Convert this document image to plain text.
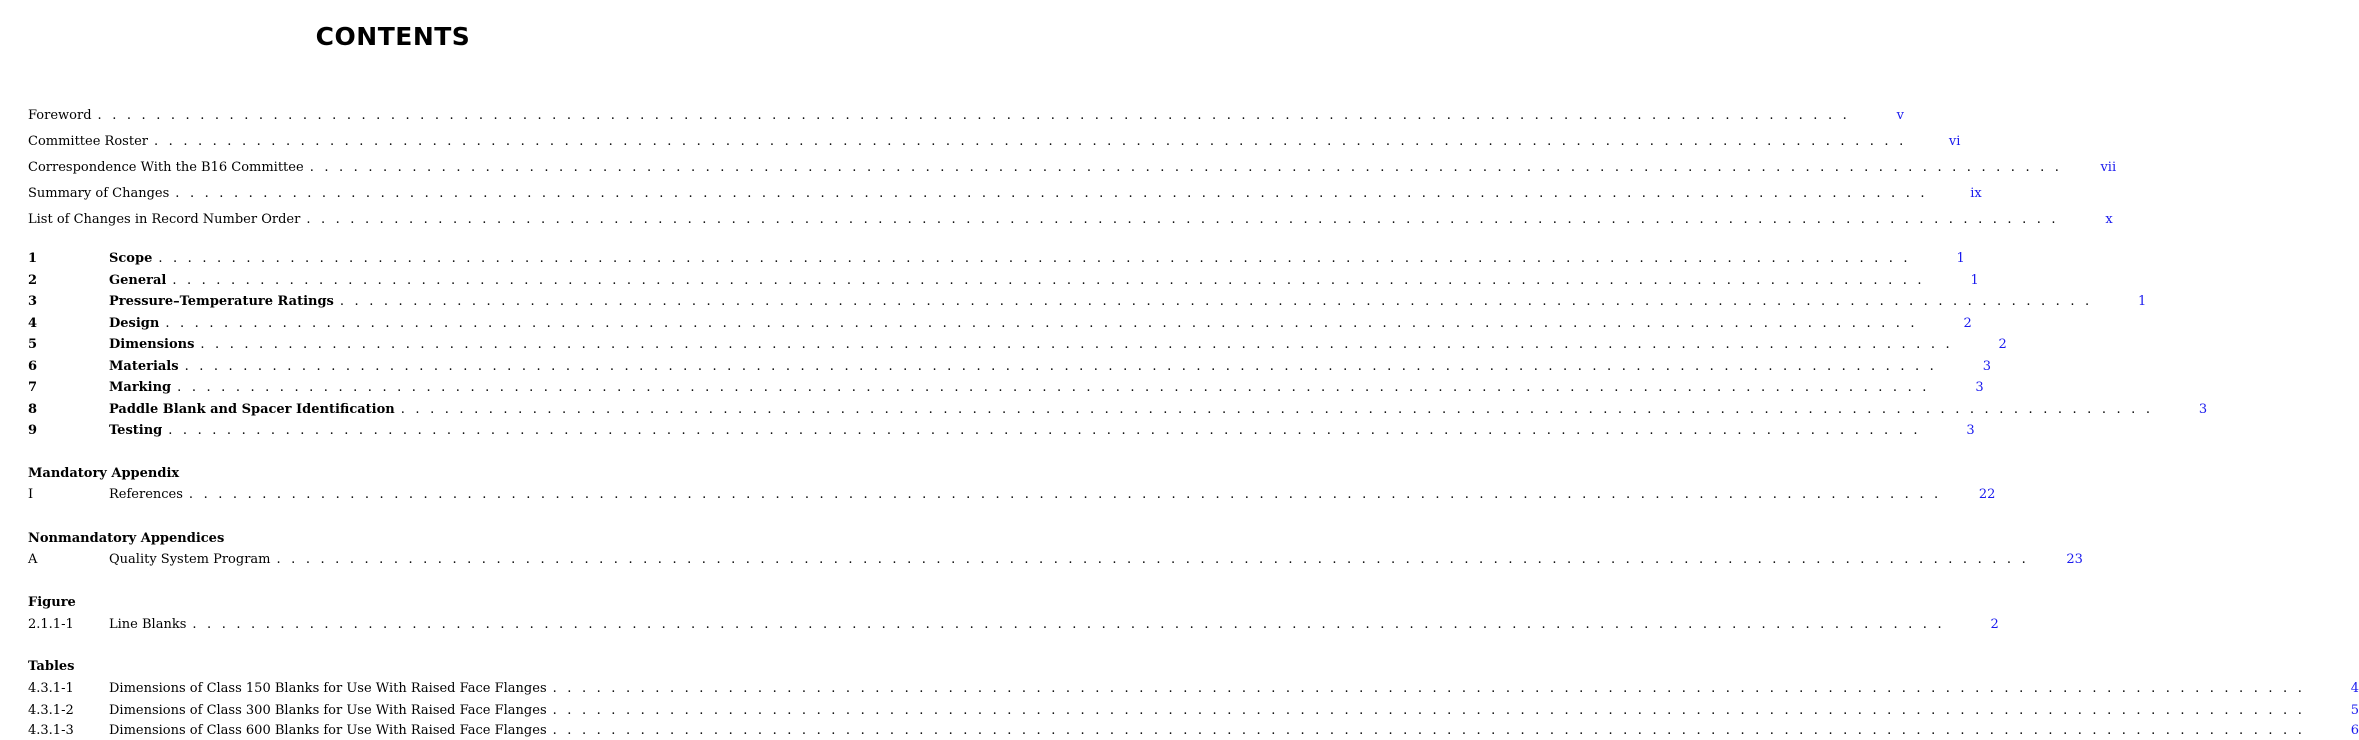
CONTENTS
Foreword . . . . . . . . . . . . . . . . . . . . . . . . . . . . . . . . . . . . . . . . . . . . . . . . . . . . . . . . . . . . . . . . . . . . . . . . . . . . . . . . . . . . . . . . . . . . . . . . . . . . . . . . . . . . . . . . . . . . . . . .	v
Committee Roster . . . . . . . . . . . . . . . . . . . . . . . . . . . . . . . . . . . . . . . . . . . . . . . . . . . . . . . . . . . . . . . . . . . . . . . . . . . . . . . . . . . . . . . . . . . . . . . . . . . . . . . . . . . . . . . . . . . . . . . .	vi
Correspondence With the B16 Committee . . . . . . . . . . . . . . . . . . . . . . . . . . . . . . . . . . . . . . . . . . . . . . . . . . . . . . . . . . . . . . . . . . . . . . . . . . . . . . . . . . . . . . . . . . . . . . . . . . . . . . . . . . . . . . . . . . . . . . . .	vii
Summary of Changes . . . . . . . . . . . . . . . . . . . . . . . . . . . . . . . . . . . . . . . . . . . . . . . . . . . . . . . . . . . . . . . . . . . . . . . . . . . . . . . . . . . . . . . . . . . . . . . . . . . . . . . . . . . . . . . . . . . . . . . .	ix
List of Changes in Record Number Order . . . . . . . . . . . . . . . . . . . . . . . . . . . . . . . . . . . . . . . . . . . . . . . . . . . . . . . . . . . . . . . . . . . . . . . . . . . . . . . . . . . . . . . . . . . . . . . . . . . . . . . . . . . . . . . . . . . . . . . .	x
1	Scope . . . . . . . . . . . . . . . . . . . . . . . . . . . . . . . . . . . . . . . . . . . . . . . . . . . . . . . . . . . . . . . . . . . . . . . . . . . . . . . . . . . . . . . . . . . . . . . . . . . . . . . . . . . . . . . . . . . . . . . .	1
2	General . . . . . . . . . . . . . . . . . . . . . . . . . . . . . . . . . . . . . . . . . . . . . . . . . . . . . . . . . . . . . . . . . . . . . . . . . . . . . . . . . . . . . . . . . . . . . . . . . . . . . . . . . . . . . . . . . . . . . . . .	1
3	Pressure–Temperature Ratings . . . . . . . . . . . . . . . . . . . . . . . . . . . . . . . . . . . . . . . . . . . . . . . . . . . . . . . . . . . . . . . . . . . . . . . . . . . . . . . . . . . . . . . . . . . . . . . . . . . . . . . . . . . . . . . . . . . . . . . .	1
4	Design . . . . . . . . . . . . . . . . . . . . . . . . . . . . . . . . . . . . . . . . . . . . . . . . . . . . . . . . . . . . . . . . . . . . . . . . . . . . . . . . . . . . . . . . . . . . . . . . . . . . . . . . . . . . . . . . . . . . . . . .	2
5	Dimensions . . . . . . . . . . . . . . . . . . . . . . . . . . . . . . . . . . . . . . . . . . . . . . . . . . . . . . . . . . . . . . . . . . . . . . . . . . . . . . . . . . . . . . . . . . . . . . . . . . . . . . . . . . . . . . . . . . . . . . . .	2
6	Materials . . . . . . . . . . . . . . . . . . . . . . . . . . . . . . . . . . . . . . . . . . . . . . . . . . . . . . . . . . . . . . . . . . . . . . . . . . . . . . . . . . . . . . . . . . . . . . . . . . . . . . . . . . . . . . . . . . . . . . . .	3
7	Marking . . . . . . . . . . . . . . . . . . . . . . . . . . . . . . . . . . . . . . . . . . . . . . . . . . . . . . . . . . . . . . . . . . . . . . . . . . . . . . . . . . . . . . . . . . . . . . . . . . . . . . . . . . . . . . . . . . . . . . . .	3
8	Paddle Blank and Spacer Identification . . . . . . . . . . . . . . . . . . . . . . . . . . . . . . . . . . . . . . . . . . . . . . . . . . . . . . . . . . . . . . . . . . . . . . . . . . . . . . . . . . . . . . . . . . . . . . . . . . . . . . . . . . . . . . . . . . . . . . . .	3
9	Testing . . . . . . . . . . . . . . . . . . . . . . . . . . . . . . . . . . . . . . . . . . . . . . . . . . . . . . . . . . . . . . . . . . . . . . . . . . . . . . . . . . . . . . . . . . . . . . . . . . . . . . . . . . . . . . . . . . . . . . . .	3
Mandatory Appendix
I	References . . . . . . . . . . . . . . . . . . . . . . . . . . . . . . . . . . . . . . . . . . . . . . . . . . . . . . . . . . . . . . . . . . . . . . . . . . . . . . . . . . . . . . . . . . . . . . . . . . . . . . . . . . . . . . . . . . . . . . . .	22
Nonmandatory Appendices
A	Quality System Program . . . . . . . . . . . . . . . . . . . . . . . . . . . . . . . . . . . . . . . . . . . . . . . . . . . . . . . . . . . . . . . . . . . . . . . . . . . . . . . . . . . . . . . . . . . . . . . . . . . . . . . . . . . . . . . . . . . . . . . .	23
Figure
2.1.1-1	Line Blanks . . . . . . . . . . . . . . . . . . . . . . . . . . . . . . . . . . . . . . . . . . . . . . . . . . . . . . . . . . . . . . . . . . . . . . . . . . . . . . . . . . . . . . . . . . . . . . . . . . . . . . . . . . . . . . . . . . . . . . . .	2
Tables
4.3.1-1	Dimensions of Class 150 Blanks for Use With Raised Face Flanges . . . . . . . . . . . . . . . . . . . . . . . . . . . . . . . . . . . . . . . . . . . . . . . . . . . . . . . . . . . . . . . . . . . . . . . . . . . . . . . . . . . . . . . . . . . . . . . . . . . . . . . . . . . . . . . . . . . . . . . .	4
4.3.1-2	Dimensions of Class 300 Blanks for Use With Raised Face Flanges . . . . . . . . . . . . . . . . . . . . . . . . . . . . . . . . . . . . . . . . . . . . . . . . . . . . . . . . . . . . . . . . . . . . . . . . . . . . . . . . . . . . . . . . . . . . . . . . . . . . . . . . . . . . . . . . . . . . . . . .	5
4.3.1-3	Dimensions of Class 600 Blanks for Use With Raised Face Flanges . . . . . . . . . . . . . . . . . . . . . . . . . . . . . . . . . . . . . . . . . . . . . . . . . . . . . . . . . . . . . . . . . . . . . . . . . . . . . . . . . . . . . . . . . . . . . . . . . . . . . . . . . . . . . . . . . . . . . . . .	6
